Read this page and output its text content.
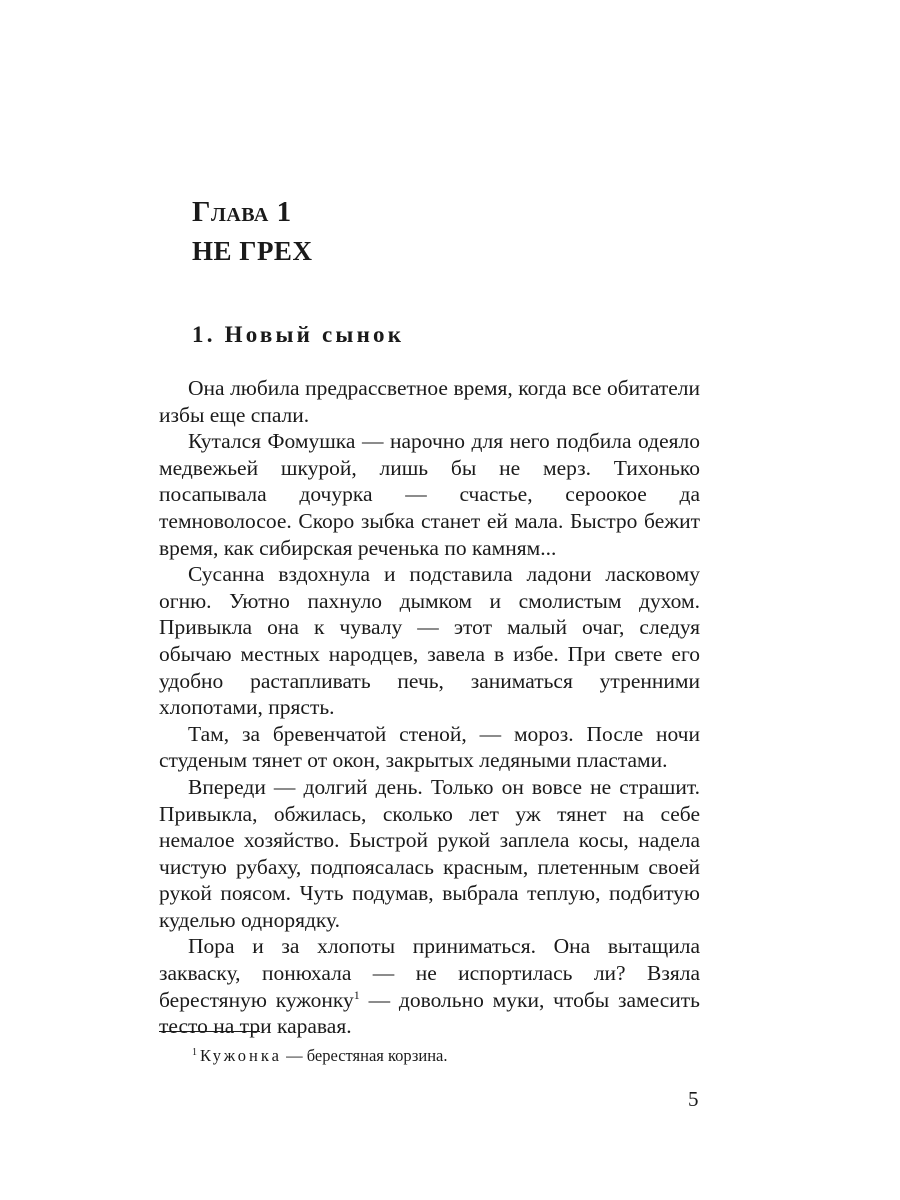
Глава 1
НЕ ГРЕХ
1. Новый сынок

Она любила предрассветное время, когда все обитатели избы еще спали.

Кутался Фомушка — нарочно для него подбила одеяло медвежьей шкурой, лишь бы не мерз. Тихонько посапывала дочурка — счастье, сероокое да темноволосое. Скоро зыбка станет ей мала. Быстро бежит время, как сибирская реченька по камням...

Сусанна вздохнула и подставила ладони ласковому огню. Уютно пахнуло дымком и смолистым духом. Привыкла она к чувалу — этот малый очаг, следуя обычаю местных народцев, завела в избе. При свете его удобно растапливать печь, заниматься утренними хлопотами, прясть.

Там, за бревенчатой стеной, — мороз. После ночи студеным тянет от окон, закрытых ледяными пластами.

Впереди — долгий день. Только он вовсе не страшит. Привыкла, обжилась, сколько лет уж тянет на себе немалое хозяйство. Быстрой рукой заплела косы, надела чистую рубаху, подпоясалась красным, плетенным своей рукой поясом. Чуть подумав, выбрала теплую, подбитую куделью однорядку.

Пора и за хлопоты приниматься. Она вытащила закваску, понюхала — не испортилась ли? Взяла берестяную кужонку$^1$ — довольно муки, чтобы замесить тесто на три каравая.

$^1$ Кужонка — берестяная корзина.
5
